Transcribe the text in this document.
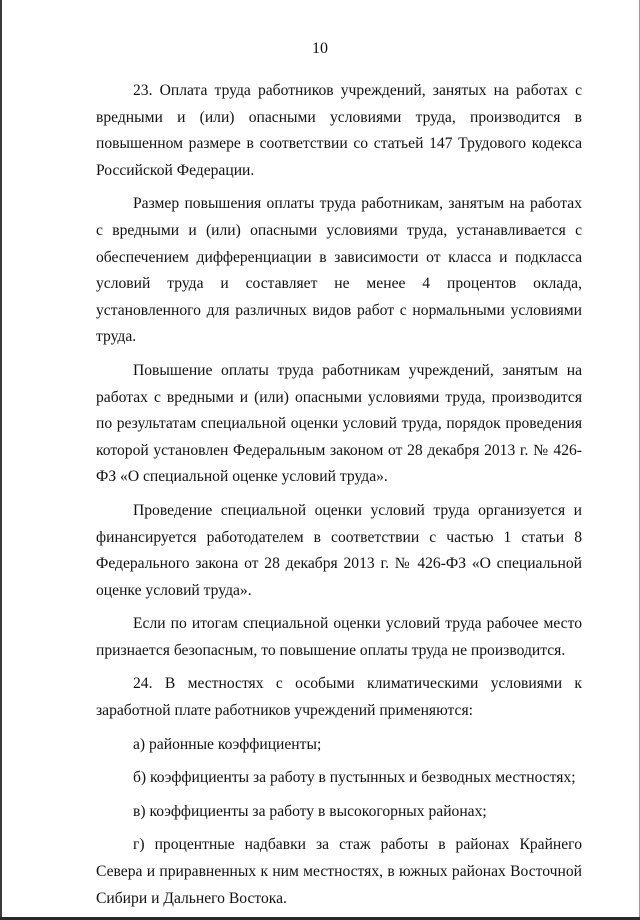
10

23. Оплата труда работников учреждений, занятых на работах с вредными и (или) опасными условиями труда, производится в повышенном размере в соответствии со статьей 147 Трудового кодекса Российской Федерации.

Размер повышения оплаты труда работникам, занятым на работах с вредными и (или) опасными условиями труда, устанавливается с обеспечением дифференциации в зависимости от класса и подкласса условий труда и составляет не менее 4 процентов оклада, установленного для различных видов работ с нормальными условиями труда.

Повышение оплаты труда работникам учреждений, занятым на работах с вредными и (или) опасными условиями труда, производится по результатам специальной оценки условий труда, порядок проведения которой установлен Федеральным законом от 28 декабря 2013 г. № 426-ФЗ «О специальной оценке условий труда».

Проведение специальной оценки условий труда организуется и финансируется работодателем в соответствии с частью 1 статьи 8 Федерального закона от 28 декабря 2013 г. № 426-ФЗ «О специальной оценке условий труда».

Если по итогам специальной оценки условий труда рабочее место признается безопасным, то повышение оплаты труда не производится.

24. В местностях с особыми климатическими условиями к заработной плате работников учреждений применяются:

а) районные коэффициенты;

б) коэффициенты за работу в пустынных и безводных местностях;

в) коэффициенты за работу в высокогорных районах;

г) процентные надбавки за стаж работы в районах Крайнего Севера и приравненных к ним местностях, в южных районах Восточной Сибири и Дальнего Востока.
